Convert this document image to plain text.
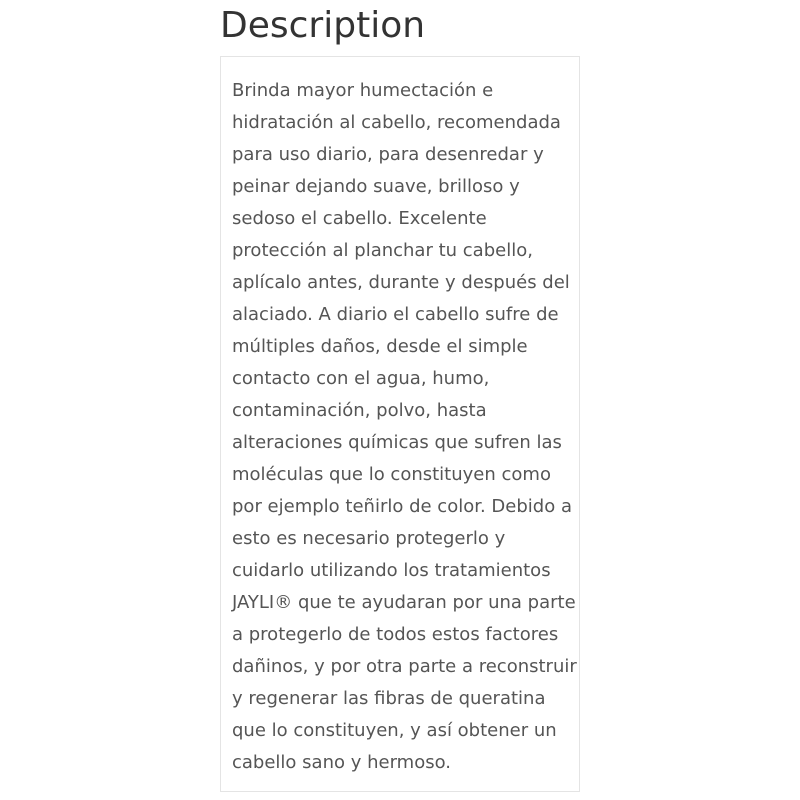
Description

Brinda mayor humectación e
hidratación al cabello, recomendada
para uso diario, para desenredar y
peinar dejando suave, brilloso y
sedoso el cabello. Excelente
protección al planchar tu cabello,
aplícalo antes, durante y después del
alaciado. A diario el cabello sufre de
múltiples daños, desde el simple
contacto con el agua, humo,
contaminación, polvo, hasta
alteraciones químicas que sufren las
moléculas que lo constituyen como
por ejemplo teñirlo de color. Debido a
esto es necesario protegerlo y
cuidarlo utilizando los tratamientos
JAYLI® que te ayudaran por una parte
a protegerlo de todos estos factores
dañinos, y por otra parte a reconstruir
y regenerar las fibras de queratina
que lo constituyen, y así obtener un
cabello sano y hermoso.
